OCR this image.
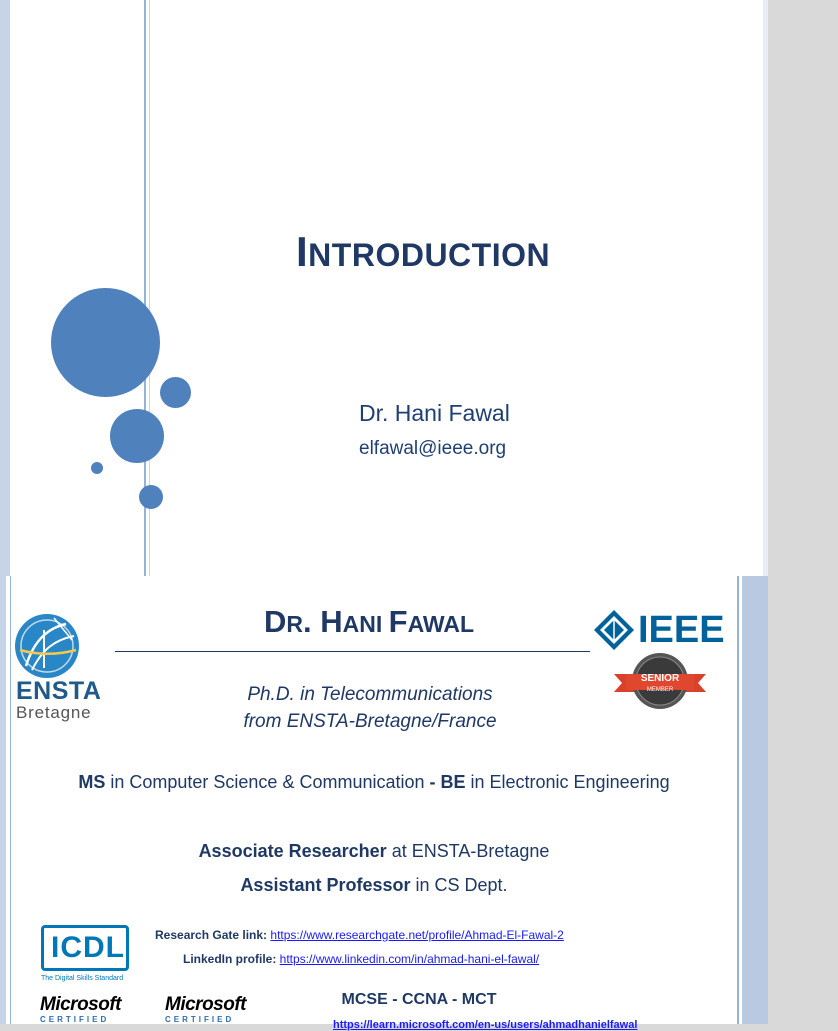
INTRODUCTION
Dr. Hani Fawal
elfawal@ieee.org
ENSTA
Bretagne
DR. HANI FAWAL	IEEE
SENIOR
MEMBER
Ph.D. in Telecommunications
from ENSTA-Bretagne/France
MS in Computer Science & Communication - BE in Electronic Engineering
Associate Researcher at ENSTA-Bretagne
Assistant Professor in CS Dept.
ICDL
The Digital Skills Standard
Research Gate link: https://www.researchgate.net/profile/Ahmad-El-Fawal-2
LinkedIn profile: https://www.linkedin.com/in/ahmad-hani-el-fawal/
Microsoft
CERTIFIED
Microsoft
CERTIFIED
MCSE - CCNA - MCT
https://learn.microsoft.com/en-us/users/ahmadhanielfawal
